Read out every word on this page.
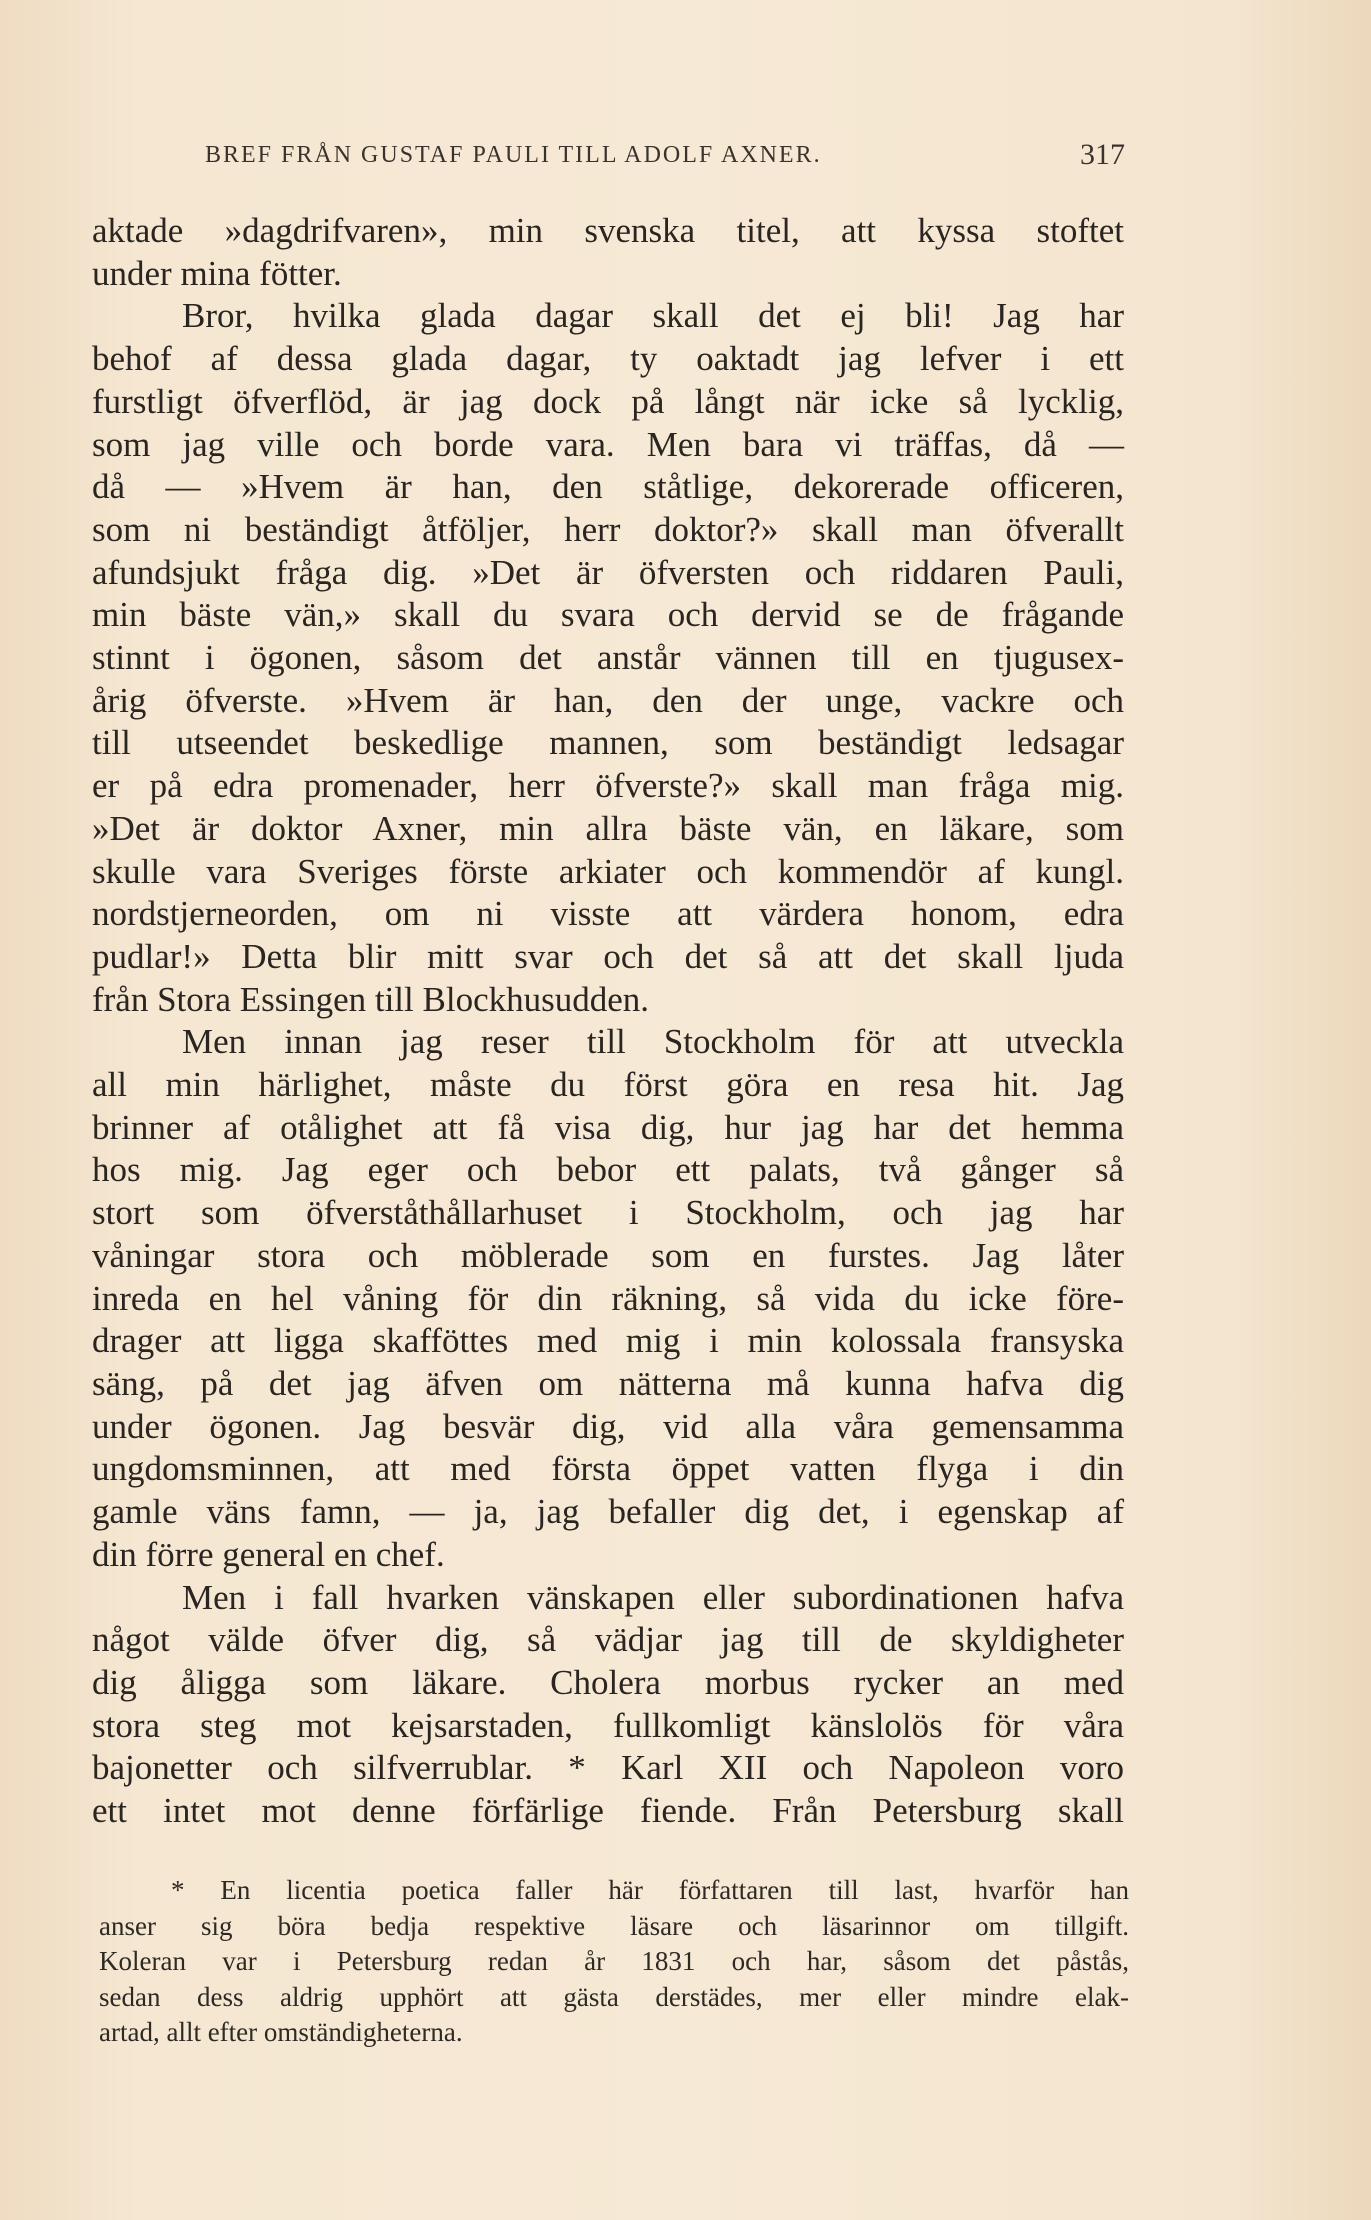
BREF FRÅN GUSTAF PAULI TILL ADOLF AXNER.	317
aktade »dagdrifvaren», min svenska titel, att kyssa stoftet
under mina fötter.
Bror, hvilka glada dagar skall det ej bli! Jag har
behof af dessa glada dagar, ty oaktadt jag lefver i ett
furstligt öfverflöd, är jag dock på långt när icke så lycklig,
som jag ville och borde vara. Men bara vi träffas, då —
då — »Hvem är han, den ståtlige, dekorerade officeren,
som ni beständigt åtföljer, herr doktor?» skall man öfverallt
afundsjukt fråga dig. »Det är öfversten och riddaren Pauli,
min bäste vän,» skall du svara och dervid se de frågande
stinnt i ögonen, såsom det anstår vännen till en tjugusex-
årig öfverste. »Hvem är han, den der unge, vackre och
till utseendet beskedlige mannen, som beständigt ledsagar
er på edra promenader, herr öfverste?» skall man fråga mig.
»Det är doktor Axner, min allra bäste vän, en läkare, som
skulle vara Sveriges förste arkiater och kommendör af kungl.
nordstjerneorden, om ni visste att värdera honom, edra
pudlar!» Detta blir mitt svar och det så att det skall ljuda
från Stora Essingen till Blockhusudden.
Men innan jag reser till Stockholm för att utveckla
all min härlighet, måste du först göra en resa hit. Jag
brinner af otålighet att få visa dig, hur jag har det hemma
hos mig. Jag eger och bebor ett palats, två gånger så
stort som öfverståthållarhuset i Stockholm, och jag har
våningar stora och möblerade som en furstes. Jag låter
inreda en hel våning för din räkning, så vida du icke före-
drager att ligga skafföttes med mig i min kolossala fransyska
säng, på det jag äfven om nätterna må kunna hafva dig
under ögonen. Jag besvär dig, vid alla våra gemensamma
ungdomsminnen, att med första öppet vatten flyga i din
gamle väns famn, — ja, jag befaller dig det, i egenskap af
din förre general en chef.
Men i fall hvarken vänskapen eller subordinationen hafva
något välde öfver dig, så vädjar jag till de skyldigheter
dig åligga som läkare. Cholera morbus rycker an med
stora steg mot kejsarstaden, fullkomligt känslolös för våra
bajonetter och silfverrublar. * Karl XII och Napoleon voro
ett intet mot denne förfärlige fiende. Från Petersburg skall
* En licentia poetica faller här författaren till last, hvarför han
anser sig böra bedja respektive läsare och läsarinnor om tillgift.
Koleran var i Petersburg redan år 1831 och har, såsom det påstås,
sedan dess aldrig upphört att gästa derstädes, mer eller mindre elak-
artad, allt efter omständigheterna.
